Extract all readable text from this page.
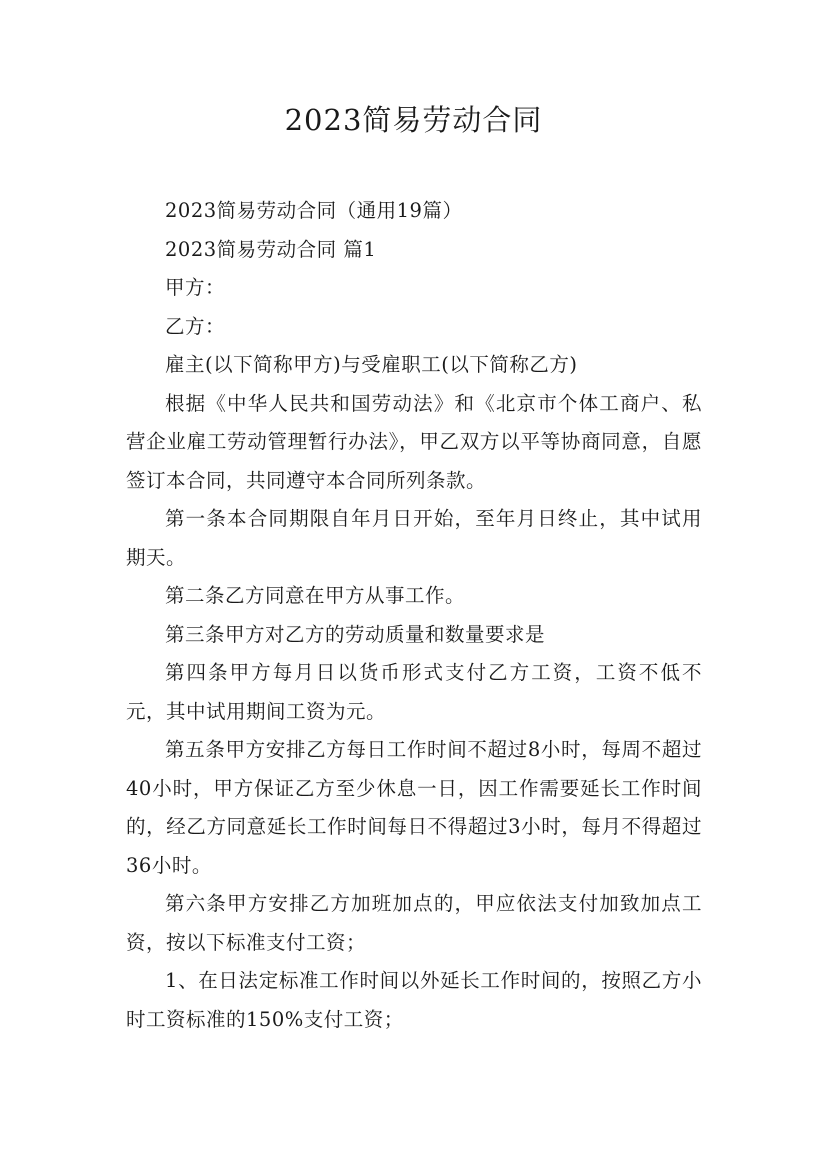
2023简易劳动合同

2023简易劳动合同（通用19篇）

2023简易劳动合同 篇1

甲方：

乙方：

雇主(以下简称甲方)与受雇职工(以下简称乙方)

根据《中华人民共和国劳动法》和《北京市个体工商户、私营企业雇工劳动管理暂行办法》，甲乙双方以平等协商同意，自愿签订本合同，共同遵守本合同所列条款。

第一条本合同期限自年月日开始，至年月日终止，其中试用期天。

第二条乙方同意在甲方从事工作。

第三条甲方对乙方的劳动质量和数量要求是

第四条甲方每月日以货币形式支付乙方工资，工资不低不元，其中试用期间工资为元。

第五条甲方安排乙方每日工作时间不超过8小时，每周不超过40小时，甲方保证乙方至少休息一日，因工作需要延长工作时间的，经乙方同意延长工作时间每日不得超过3小时，每月不得超过36小时。

第六条甲方安排乙方加班加点的，甲应依法支付加致加点工资，按以下标准支付工资；

1、在日法定标准工作时间以外延长工作时间的，按照乙方小时工资标准的150%支付工资；
